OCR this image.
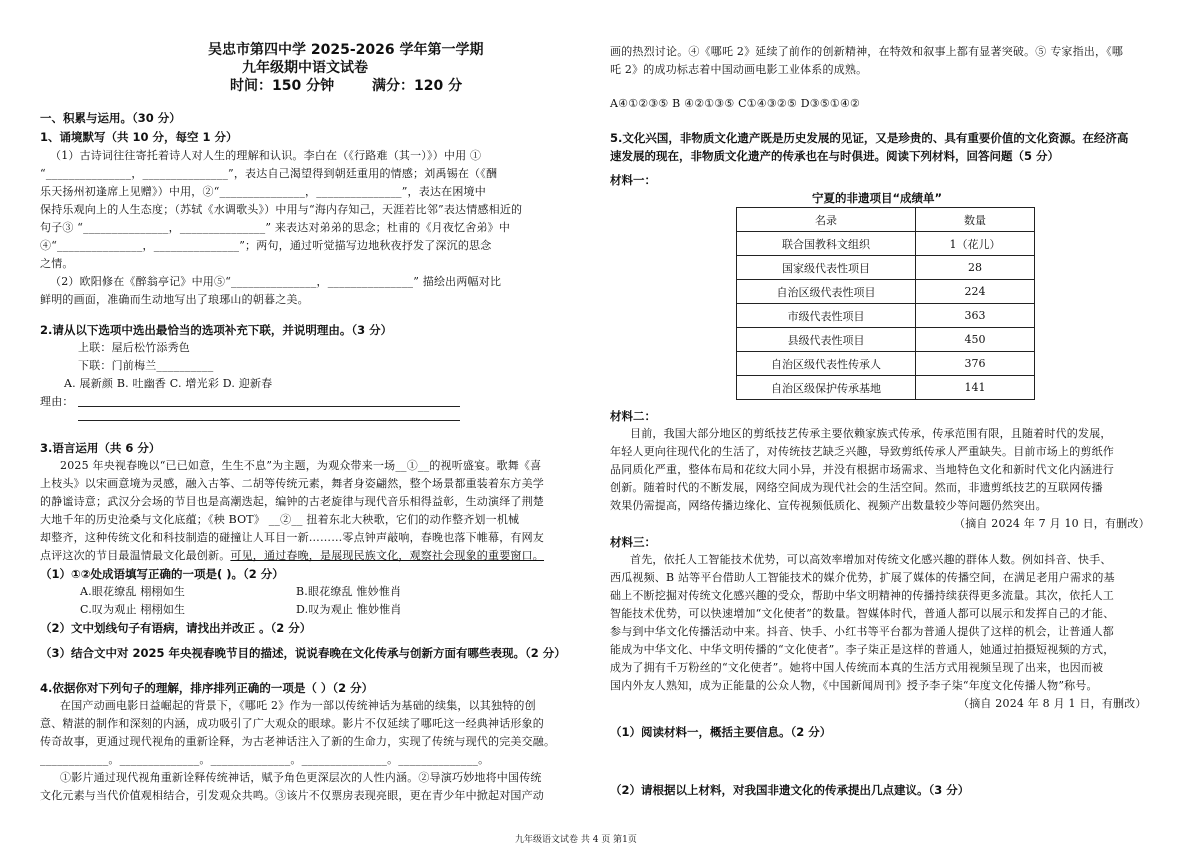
吴忠市第四中学 2025-2026 学年第一学期
九年级期中语文试卷
时间：150 分钟	满分：120 分
一、积累与运用。（30 分）
1、诵境默写（共 10 分，每空 1 分）
（1）古诗词往往寄托着诗人对人生的理解和认识。李白在（《行路难（其一）》）中用 ①
“_______________，_______________”，表达自己渴望得到朝廷重用的情感；刘禹锡在（《酬
乐天扬州初逢席上见赠》）中用，②“_______________，_______________”，表达在困境中
保持乐观向上的人生态度；（苏轼《水调歌头》）中用与“海内存知己，天涯若比邻”表达情感相近的
句子③ “_______________，_______________” 来表达对弟弟的思念；杜甫的《月夜忆舍弟》中
④“_______________，_______________”；两句，通过听觉描写边地秋夜抒发了深沉的思念
之情。
（2）欧阳修在《醉翁亭记》中用⑤“_______________，_______________” 描绘出两幅对比
鲜明的画面，准确而生动地写出了琅琊山的朝暮之美。
2.请从以下选项中选出最恰当的选项补充下联，并说明理由。（3 分）
上联：屋后松竹添秀色
下联：门前梅兰__________
A. 展新颜 B. 吐幽香 C. 增光彩 D. 迎新春
理由：
3.语言运用（共 6 分）
2025 年央视春晚以“已已如意，生生不息”为主题，为观众带来一场__①__的视听盛宴。歌舞《喜
上枝头》以宋画意境为灵感，融入古筝、二胡等传统元素，舞者身姿翩然，整个场景都重装着东方美学
的静谧诗意；武汉分会场的节目也是高潮迭起，编钟的古老旋律与现代音乐相得益彰，生动演绎了荆楚
大地千年的历史沧桑与文化底蕴；《秧 BOT》 __②__ 扭着东北大秧歌，它们的动作整齐划一机械
却整齐，这种传统文化和科技制造的碰撞让人耳目一新………零点钟声敲响，春晚也落下帷幕，有网友
点评这次的节目最温情最文化最创新。可见，通过春晚，是展现民族文化，观察社会现象的重要窗口。
（1）①②处成语填写正确的一项是( )。（2 分）
A.眼花缭乱 栩栩如生	B.眼花缭乱 惟妙惟肖
C.叹为观止 栩栩如生	D.叹为观止 惟妙惟肖
（2）文中划线句子有语病，请找出并改正 。（2 分）
（3）结合文中对 2025 年央视春晚节目的描述，说说春晚在文化传承与创新方面有哪些表现。（2 分）
4.依据你对下列句子的理解，排序排列正确的一项是（ ）（2 分）
在国产动画电影日益崛起的背景下，《哪吒 2》作为一部以传统神话为基础的续集，以其独特的创
意、精湛的制作和深刻的内涵，成功吸引了广大观众的眼球。影片不仅延续了哪吒这一经典神话形象的
传奇故事，更通过现代视角的重新诠释，为古老神话注入了新的生命力，实现了传统与现代的完美交融。
____________。______________。______________。_______________。______________。
①影片通过现代视角重新诠释传统神话，赋予角色更深层次的人性内涵。②导演巧妙地将中国传统
文化元素与当代价值观相结合，引发观众共鸣。③该片不仅票房表现亮眼，更在青少年中掀起对国产动
画的热烈讨论。④《哪吒 2》延续了前作的创新精神，在特效和叙事上都有显著突破。⑤ 专家指出，《哪
吒 2》的成功标志着中国动画电影工业体系的成熟。
A④①②③⑤ B ④②①③⑤ C①④③②⑤ D③⑤①④②
5.文化兴国，非物质文化遗产既是历史发展的见证，又是珍贵的、具有重要价值的文化资源。在经济高
速发展的现在，非物质文化遗产的传承也在与时俱进。阅读下列材料，回答问题（5 分）
材料一：
宁夏的非遗项目“成绩单”
名录	数量
联合国教科文组织	1（花儿）
国家级代表性项目	28
自治区级代表性项目	224
市级代表性项目	363
县级代表性项目	450
自治区级代表性传承人	376
自治区级保护传承基地	141
材料二：
目前，我国大部分地区的剪纸技艺传承主要依赖家族式传承，传承范围有限，且随着时代的发展，
年轻人更向往现代化的生活了，对传统技艺缺乏兴趣，导致剪纸传承人严重缺失。目前市场上的剪纸作
品同质化严重，整体布局和花纹大同小异，并没有根据市场需求、当地特色文化和新时代文化内涵进行
创新。随着时代的不断发展，网络空间成为现代社会的生活空间。然而，非遗剪纸技艺的互联网传播
效果仍需提高，网络传播边缘化、宣传视频低质化、视频产出数量较少等问题仍然突出。
（摘自 2024 年 7 月 10 日，有删改）
材料三：
首先，依托人工智能技术优势，可以高效率增加对传统文化感兴趣的群体人数。例如抖音、快手、
西瓜视频、B 站等平台借助人工智能技术的媒介优势，扩展了媒体的传播空间，在满足老用户需求的基
础上不断挖掘对传统文化感兴趣的受众，帮助中华文明精神的传播持续获得更多流量。其次，依托人工
智能技术优势，可以快速增加“文化使者”的数量。智媒体时代，普通人都可以展示和发挥自己的才能、
参与到中华文化传播活动中来。抖音、快手、小红书等平台都为普通人提供了这样的机会，让普通人都
能成为中华文化、中华文明传播的“文化使者”。李子柒正是这样的普通人，她通过拍摄短视频的方式，
成为了拥有千万粉丝的“文化使者”。她将中国人传统而本真的生活方式用视频呈现了出来，也因而被
国内外友人熟知，成为正能量的公众人物，《中国新闻周刊》授予李子柒“年度文化传播人物”称号。
（摘自 2024 年 8 月 1 日，有删改）
（1）阅读材料一，概括主要信息。（2 分）
（2）请根据以上材料，对我国非遗文化的传承提出几点建议。（3 分）
九年级语文试卷 共 4 页 第1页
